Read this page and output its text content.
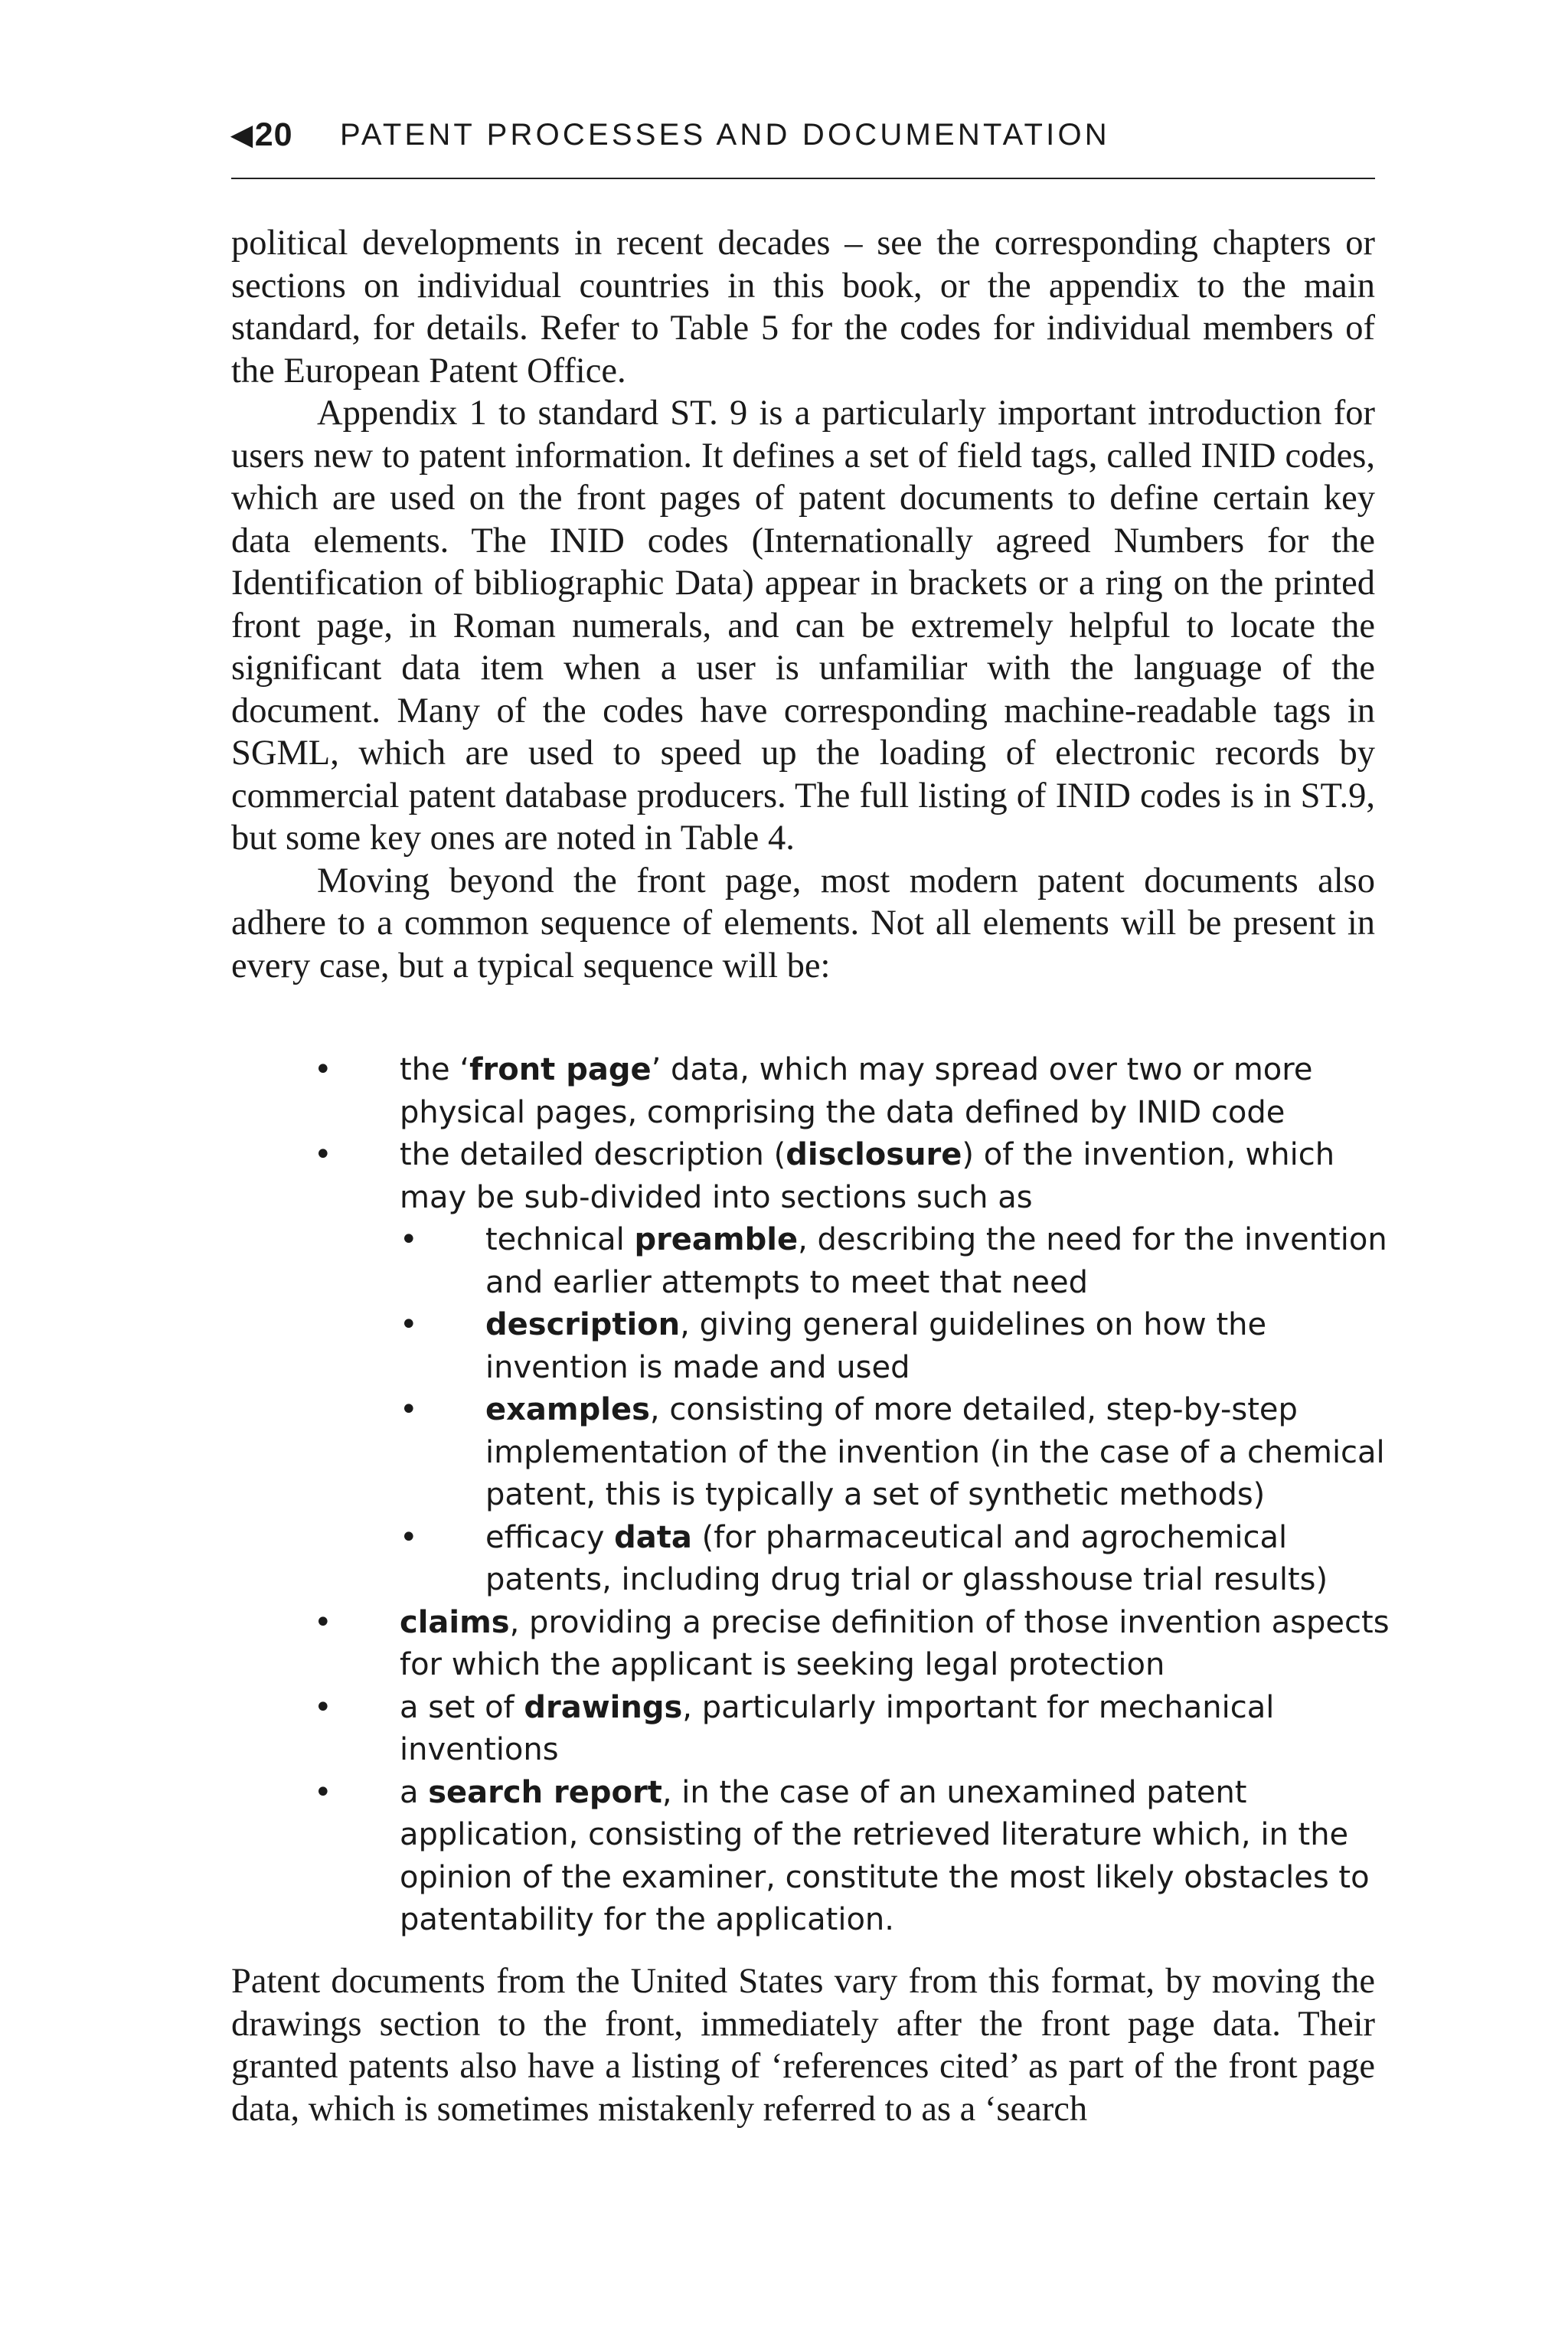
◀20 PATENT PROCESSES AND DOCUMENTATION

political developments in recent decades – see the corresponding chapters or sections on individual countries in this book, or the appendix to the main standard, for details. Refer to Table 5 for the codes for individual members of the European Patent Office.

Appendix 1 to standard ST. 9 is a particularly important introduction for users new to patent information. It defines a set of field tags, called INID codes, which are used on the front pages of patent documents to define certain key data elements. The INID codes (Internationally agreed Numbers for the Identification of bibliographic Data) appear in brackets or a ring on the printed front page, in Roman numerals, and can be extremely helpful to locate the significant data item when a user is unfamiliar with the language of the document. Many of the codes have corresponding machine-readable tags in SGML, which are used to speed up the loading of electronic records by commercial patent database producers. The full listing of INID codes is in ST.9, but some key ones are noted in Table 4.

Moving beyond the front page, most modern patent documents also adhere to a common sequence of elements. Not all elements will be present in every case, but a typical sequence will be:

• the ‘front page’ data, which may spread over two or more physical pages, comprising the data defined by INID code
• the detailed description (disclosure) of the invention, which may be sub-divided into sections such as
• technical preamble, describing the need for the invention and earlier attempts to meet that need
• description, giving general guidelines on how the invention is made and used
• examples, consisting of more detailed, step-by-step implementation of the invention (in the case of a chemical patent, this is typically a set of synthetic methods)
• efficacy data (for pharmaceutical and agrochemical patents, including drug trial or glasshouse trial results)
• claims, providing a precise definition of those invention aspects for which the applicant is seeking legal protection
• a set of drawings, particularly important for mechanical inventions
• a search report, in the case of an unexamined patent application, consisting of the retrieved literature which, in the opinion of the examiner, constitute the most likely obstacles to patentability for the application.

Patent documents from the United States vary from this format, by moving the drawings section to the front, immediately after the front page data. Their granted patents also have a listing of ‘references cited’ as part of the front page data, which is sometimes mistakenly referred to as a ‘search
